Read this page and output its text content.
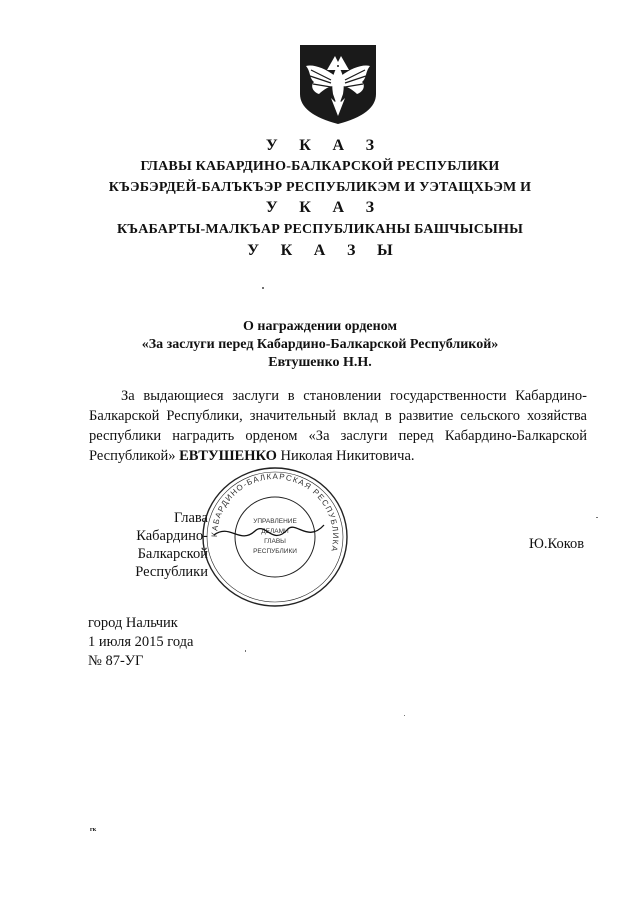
У К А З
ГЛАВЫ КАБАРДИНО-БАЛКАРСКОЙ РЕСПУБЛИКИ
КЪЭБЭРДЕЙ-БАЛЪКЪЭР РЕСПУБЛИКЭМ И УЭТАЩХЬЭМ И
У К А З
КЪАБАРТЫ-МАЛКЪАР РЕСПУБЛИКАНЫ БАШЧЫСЫНЫ
У К А З Ы
О награждении орденом
«За заслуги перед Кабардино-Балкарской Республикой»
Евтушенко Н.Н.
За выдающиеся заслуги в становлении государственности Кабардино-Балкарской Республики, значительный вклад в развитие сельского хозяйства республики наградить орденом «За заслуги перед Кабардино-Балкарской Республикой» ЕВТУШЕНКО Николая Никитовича.
КАБАРДИНО-БАЛКАРСКАЯ РЕСПУБЛИКА
УПРАВЛЕНИЕ
ДЕЛАМИ
ГЛАВЫ
РЕСПУБЛИКИ
Глава
Кабардино-Балкарской
Республики
Ю.Коков
город Нальчик
1 июля 2015 года
№ 87-УГ
гк
